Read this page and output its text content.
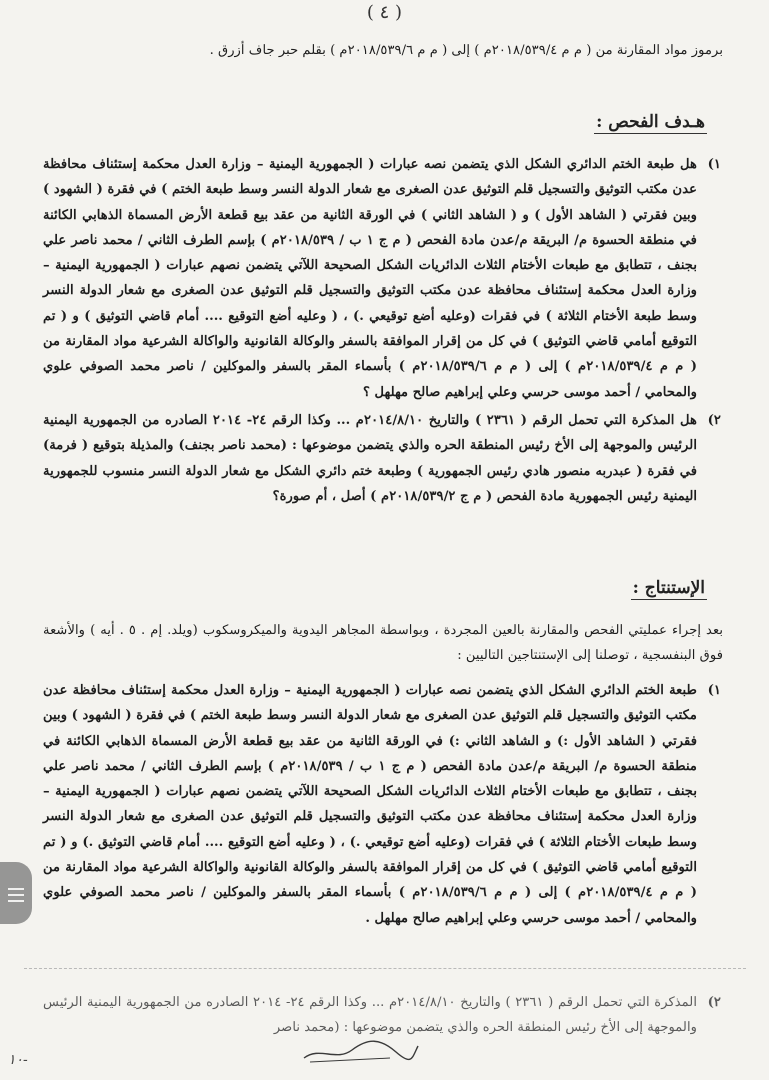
( ٤ )
برموز مواد المقارنة من ( م م ٢٠١٨/٥٣٩/٤م ) إلى ( م م ٢٠١٨/٥٣٩/٦م ) بقلم حبر جاف أزرق .
هـدف الفحص :
١)
هل طبعة الختم الدائري الشكل الذي يتضمن نصه عبارات ( الجمهورية اليمنية – وزارة العدل محكمة إستئناف محافظة عدن مكتب التوثيق والتسجيل قلم التوثيق عدن الصغرى مع شعار الدولة النسر وسط طبعة الختم ) في فقرة ( الشهود ) وبين فقرتي ( الشاهد الأول ) و ( الشاهد الثاني ) في الورقة الثانية من عقد بيع قطعة الأرض المسماة الذهابي الكائنة في منطقة الحسوة م/ البريقة م/عدن مادة الفحص ( م ج ١ ب / ٢٠١٨/٥٣٩م ) بإسم الطرف الثاني / محمد ناصر علي بجنف ، تتطابق مع طبعات الأختام الثلاث الدائريات الشكل الصحيحة اللآتي يتضمن نصهم عبارات ( الجمهورية اليمنية – وزارة العدل محكمة إستئناف محافظة عدن مكتب التوثيق والتسجيل قلم التوثيق عدن الصغرى مع شعار الدولة النسر وسط طبعة الأختام الثلاثة ) في فقرات (وعليه أضع توقيعي .) ، ( وعليه أضع التوقيع .... أمام قاضي التوثيق ) و ( تم التوقيع أمامي قاضي التوثيق ) في كل من إقرار الموافقة بالسفر والوكالة القانونية والواكالة الشرعية مواد المقارنة من ( م م ٢٠١٨/٥٣٩/٤م ) إلى ( م م ٢٠١٨/٥٣٩/٦م ) بأسماء المقر بالسفر والموكلين / ناصر محمد الصوفي علوي والمحامي / أحمد موسى حرسي وعلي إبراهيم صالح مهلهل ؟
٢)
هل المذكرة التي تحمل الرقم ( ٢٣٦١ ) والتاريخ ٢٠١٤/٨/١٠م ... وكذا الرقم ٢٤- ٢٠١٤ الصادره من الجمهورية اليمنية الرئيس والموجهة إلى الأخ رئيس المنطقة الحره والذي يتضمن موضوعها : (محمد ناصر بجنف) والمذيلة بتوقيع ( فرمة) في فقرة ( عبدربه منصور هادي رئيس الجمهورية ) وطبعة ختم دائري الشكل مع شعار الدولة النسر منسوب للجمهورية اليمنية رئيس الجمهورية مادة الفحص ( م ج ٢٠١٨/٥٣٩/٢م ) أصل ، أم صورة؟
الإستنتاج :
بعد إجراء عمليتي الفحص والمقارنة بالعين المجردة ، وبواسطة المجاهر اليدوية والميكروسكوب (ويلد. إم . ٥ . أيه ) والأشعة فوق البنفسجية ، توصلنا إلى الإستنتاجين التاليين :
١)
طبعة الختم الدائري الشكل الذي يتضمن نصه عبارات ( الجمهورية اليمنية – وزارة العدل محكمة إستئناف محافظة عدن مكتب التوثيق والتسجيل قلم التوثيق عدن الصغرى مع شعار الدولة النسر وسط طبعة الختم ) في فقرة ( الشهود ) وبين فقرتي ( الشاهد الأول :) و الشاهد الثاني :) في الورقة الثانية من عقد بيع قطعة الأرض المسماة الذهابي الكائنة في منطقة الحسوة م/ البريقة م/عدن مادة الفحص ( م ج ١ ب / ٢٠١٨/٥٣٩م ) بإسم الطرف الثاني / محمد ناصر علي بجنف ، تتطابق مع طبعات الأختام الثلاث الدائريات الشكل الصحيحة اللآتي يتضمن نصهم عبارات ( الجمهورية اليمنية – وزارة العدل محكمة إستئناف محافظة عدن مكتب التوثيق والتسجيل قلم التوثيق عدن الصغرى مع شعار الدولة النسر وسط طبعات الأختام الثلاثة ) في فقرات (وعليه أضع توقيعي .) ، ( وعليه أضع التوقيع .... أمام قاضي التوثيق .) و ( تم التوقيع أمامي قاضي التوثيق ) في كل من إقرار الموافقة بالسفر والوكالة القانونية والواكالة الشرعية مواد المقارنة من ( م م ٢٠١٨/٥٣٩/٤م ) إلى ( م م ٢٠١٨/٥٣٩/٦م ) بأسماء المقر بالسفر والموكلين / ناصر محمد الصوفي علوي والمحامي / أحمد موسى حرسي وعلي إبراهيم صالح مهلهل .
٢)
المذكرة التي تحمل الرقم ( ٢٣٦١ ) والتاريخ ٢٠١٤/٨/١٠م ... وكذا الرقم ٢٤- ٢٠١٤ الصادره من الجمهورية اليمنية الرئيس والموجهة إلى الأخ رئيس المنطقة الحره والذي يتضمن موضوعها : (محمد ناصر
-١٠
